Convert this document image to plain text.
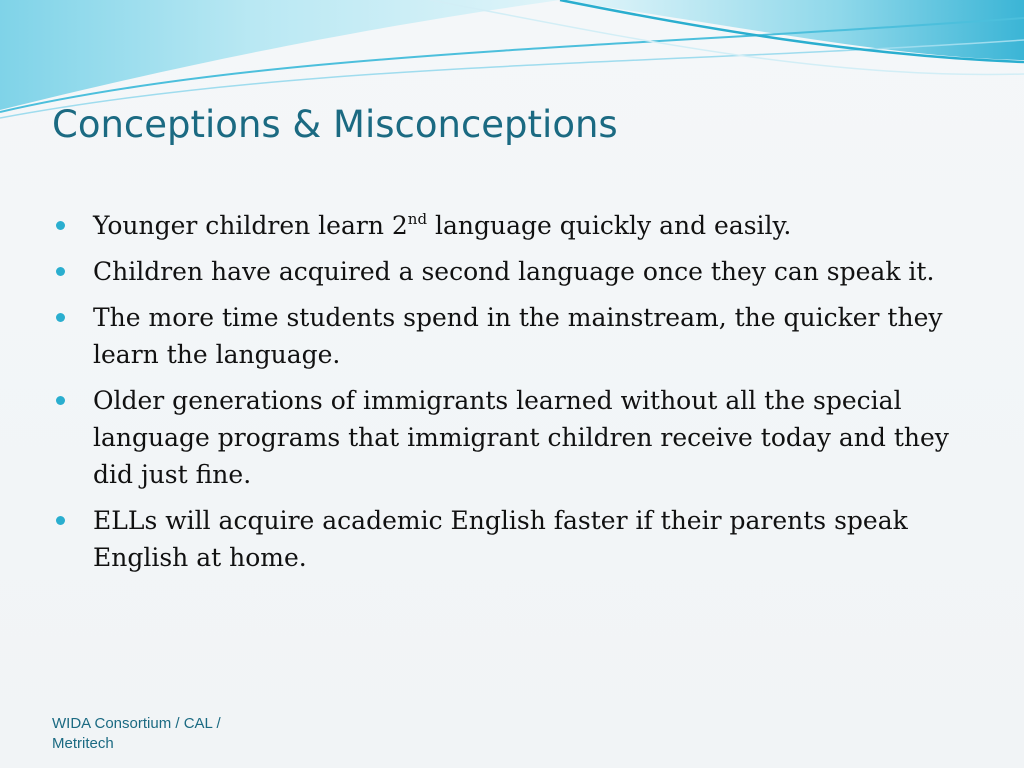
Conceptions & Misconceptions
Younger children learn 2nd language quickly and easily.
Children have acquired a second language once they can speak it.
The more time students spend in the mainstream, the quicker they learn the language.
Older generations of immigrants learned without all the special language programs that immigrant children receive today and they did just fine.
ELLs will acquire academic English faster if their parents speak English at home.

WIDA Consortium / CAL / Metritech
